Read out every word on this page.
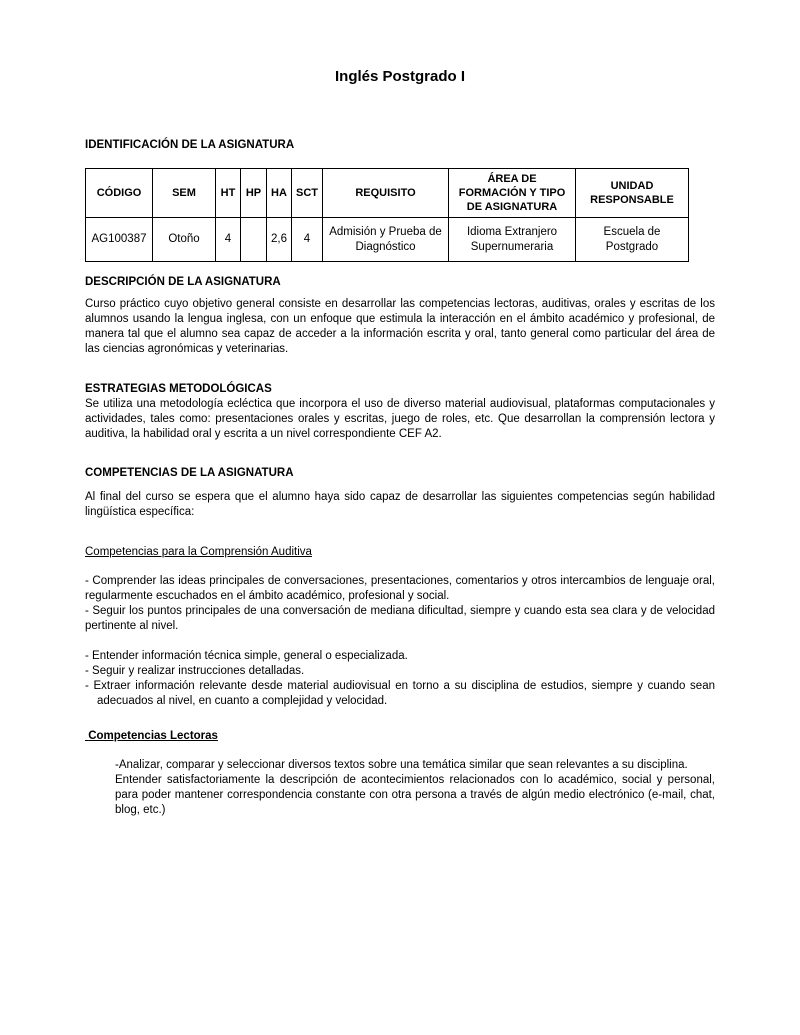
Inglés Postgrado I
IDENTIFICACIÓN DE LA ASIGNATURA
CÓDIGO	SEM	HT	HP	HA	SCT	REQUISITO	ÁREA DE FORMACIÓN Y TIPO DE ASIGNATURA	UNIDAD RESPONSABLE
AG100387	Otoño	4		2,6	4	Admisión y Prueba de Diagnóstico	Idioma Extranjero Supernumeraria	Escuela de Postgrado
DESCRIPCIÓN DE LA ASIGNATURA

Curso práctico cuyo objetivo general consiste en desarrollar las competencias lectoras, auditivas, orales y escritas de los alumnos usando la lengua inglesa, con un enfoque que estimula la interacción en el ámbito académico y profesional, de manera tal que el alumno sea capaz de acceder a la información escrita y oral, tanto general como particular del área de las ciencias agronómicas y veterinarias.

ESTRATEGIAS METODOLÓGICAS

Se utiliza una metodología ecléctica que incorpora el uso de diverso material audiovisual, plataformas computacionales y actividades, tales como: presentaciones orales y escritas, juego de roles, etc. Que desarrollan la comprensión lectora y auditiva, la habilidad oral y escrita a un nivel correspondiente CEF A2.

COMPETENCIAS DE LA ASIGNATURA

Al final del curso se espera que el alumno haya sido capaz de desarrollar las siguientes competencias según habilidad lingüística específica:

Competencias para la Comprensión Auditiva

- Comprender las ideas principales de conversaciones, presentaciones, comentarios y otros intercambios de lenguaje oral, regularmente escuchados en el ámbito académico, profesional y social.

- Seguir los puntos principales de una conversación de mediana dificultad, siempre y cuando esta sea clara y de velocidad pertinente al nivel.

- Entender información técnica simple, general o especializada.

- Seguir y realizar instrucciones detalladas.

- Extraer información relevante desde material audiovisual en torno a su disciplina de estudios, siempre y cuando sean adecuados al nivel, en cuanto a complejidad y velocidad.

Competencias Lectoras

-Analizar, comparar y seleccionar diversos textos sobre una temática similar que sean relevantes a su disciplina.

Entender satisfactoriamente la descripción de acontecimientos relacionados con lo académico, social y personal, para poder mantener correspondencia constante con otra persona a través de algún medio electrónico (e-mail, chat, blog, etc.)
